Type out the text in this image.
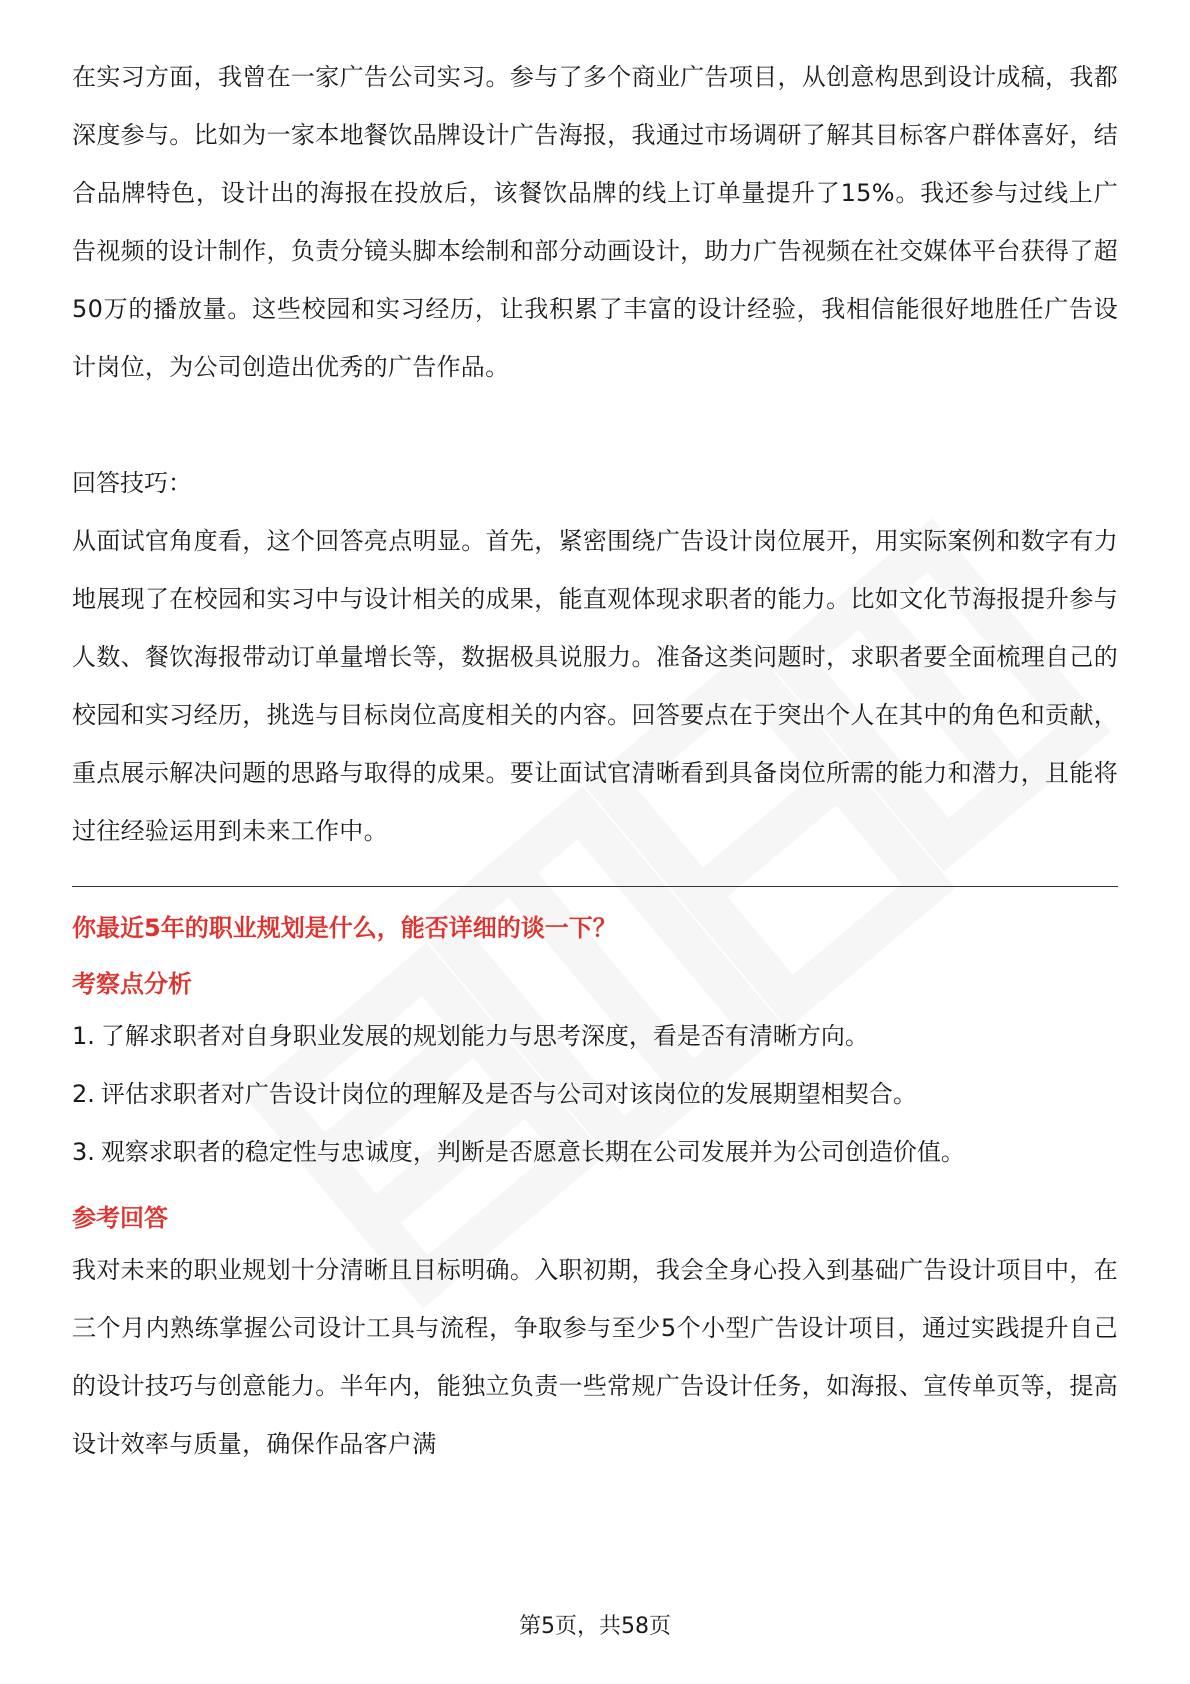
在实习方面，我曾在一家广告公司实习。参与了多个商业广告项目，从创意构思到设计成稿，我都深度参与。比如为一家本地餐饮品牌设计广告海报，我通过市场调研了解其目标客户群体喜好，结合品牌特色，设计出的海报在投放后，该餐饮品牌的线上订单量提升了15%。我还参与过线上广告视频的设计制作，负责分镜头脚本绘制和部分动画设计，助力广告视频在社交媒体平台获得了超50万的播放量。这些校园和实习经历，让我积累了丰富的设计经验，我相信能很好地胜任广告设计岗位，为公司创造出优秀的广告作品。

回答技巧：

从面试官角度看，这个回答亮点明显。首先，紧密围绕广告设计岗位展开，用实际案例和数字有力地展现了在校园和实习中与设计相关的成果，能直观体现求职者的能力。比如文化节海报提升参与人数、餐饮海报带动订单量增长等，数据极具说服力。准备这类问题时，求职者要全面梳理自己的校园和实习经历，挑选与目标岗位高度相关的内容。回答要点在于突出个人在其中的角色和贡献，重点展示解决问题的思路与取得的成果。要让面试官清晰看到具备岗位所需的能力和潜力，且能将过往经验运用到未来工作中。

你最近5年的职业规划是什么，能否详细的谈一下？

考察点分析

1. 了解求职者对自身职业发展的规划能力与思考深度，看是否有清晰方向。
2. 评估求职者对广告设计岗位的理解及是否与公司对该岗位的发展期望相契合。
3. 观察求职者的稳定性与忠诚度，判断是否愿意长期在公司发展并为公司创造价值。

参考回答

我对未来的职业规划十分清晰且目标明确。入职初期，我会全身心投入到基础广告设计项目中，在三个月内熟练掌握公司设计工具与流程，争取参与至少5个小型广告设计项目，通过实践提升自己的设计技巧与创意能力。半年内，能独立负责一些常规广告设计任务，如海报、宣传单页等，提高设计效率与质量，确保作品客户满

第5页，共58页
